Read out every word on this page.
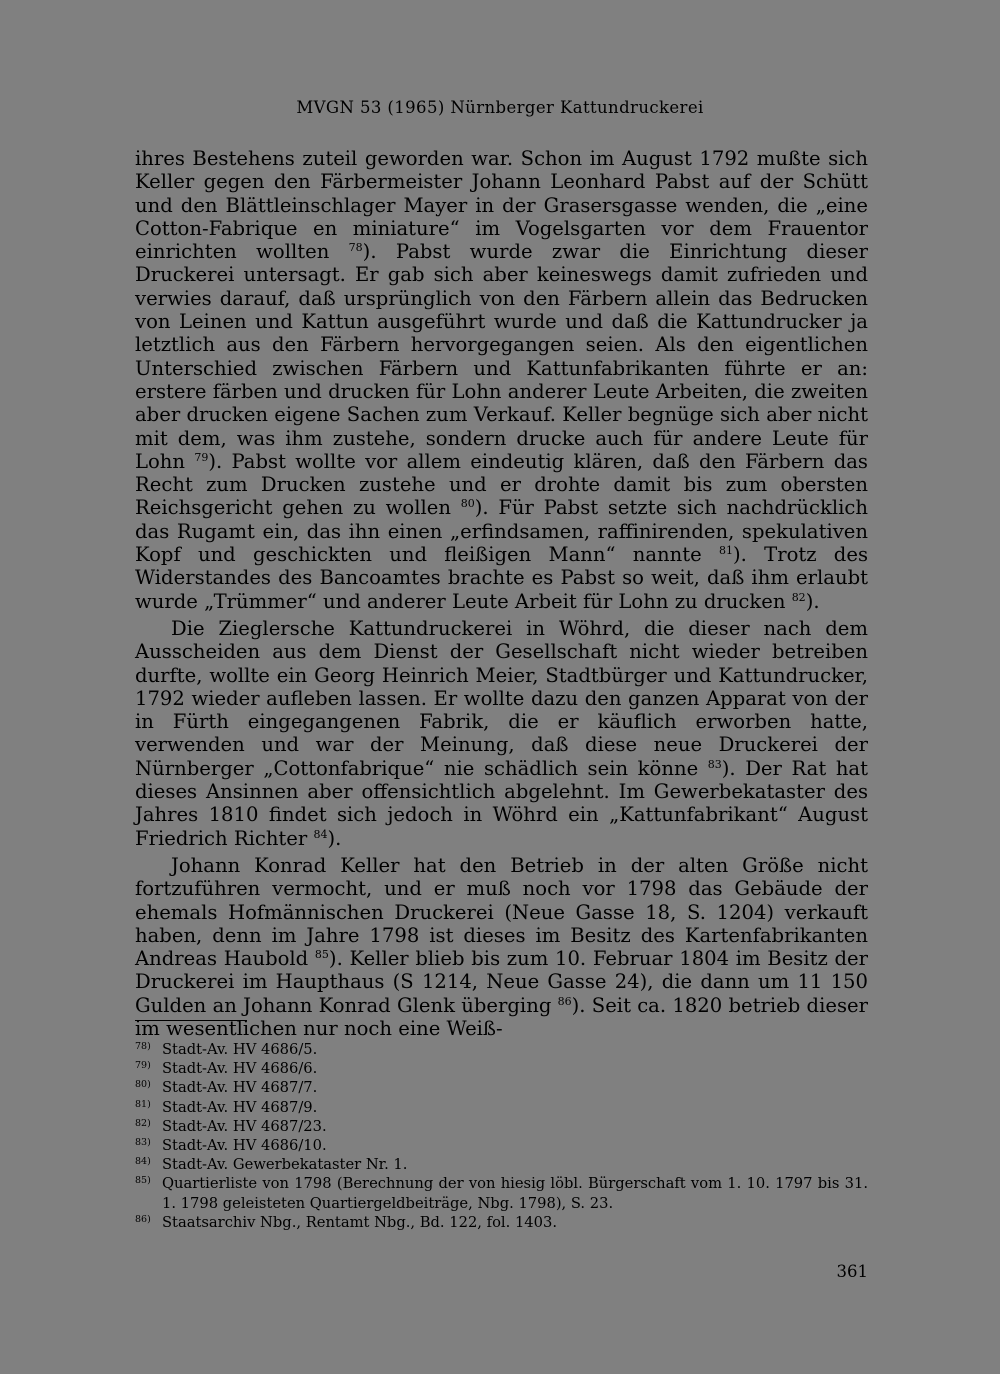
MVGN 53 (1965) Nürnberger Kattundruckerei

ihres Bestehens zuteil geworden war. Schon im August 1792 mußte sich Keller gegen den Färbermeister Johann Leonhard Pabst auf der Schütt und den Blättleinschlager Mayer in der Grasersgasse wenden, die „eine Cotton-Fabrique en miniature“ im Vogelsgarten vor dem Frauentor einrichten wollten $^{78}$). Pabst wurde zwar die Einrichtung dieser Druckerei untersagt. Er gab sich aber keineswegs damit zufrieden und verwies darauf, daß ursprünglich von den Färbern allein das Bedrucken von Leinen und Kattun ausgeführt wurde und daß die Kattundrucker ja letztlich aus den Färbern hervorgegangen seien. Als den eigentlichen Unterschied zwischen Färbern und Kattunfabrikanten führte er an: erstere färben und drucken für Lohn anderer Leute Arbeiten, die zweiten aber drucken eigene Sachen zum Verkauf. Keller begnüge sich aber nicht mit dem, was ihm zustehe, sondern drucke auch für andere Leute für Lohn $^{79}$). Pabst wollte vor allem eindeutig klären, daß den Färbern das Recht zum Drucken zustehe und er drohte damit bis zum obersten Reichsgericht gehen zu wollen $^{80}$). Für Pabst setzte sich nachdrücklich das Rugamt ein, das ihn einen „erfindsamen, raffinirenden, spekulativen Kopf und geschickten und fleißigen Mann“ nannte $^{81}$). Trotz des Widerstandes des Bancoamtes brachte es Pabst so weit, daß ihm erlaubt wurde „Trümmer“ und anderer Leute Arbeit für Lohn zu drucken $^{82}$).

Die Zieglersche Kattundruckerei in Wöhrd, die dieser nach dem Ausscheiden aus dem Dienst der Gesellschaft nicht wieder betreiben durfte, wollte ein Georg Heinrich Meier, Stadtbürger und Kattundrucker, 1792 wieder aufleben lassen. Er wollte dazu den ganzen Apparat von der in Fürth eingegangenen Fabrik, die er käuflich erworben hatte, verwenden und war der Meinung, daß diese neue Druckerei der Nürnberger „Cottonfabrique“ nie schädlich sein könne $^{83}$). Der Rat hat dieses Ansinnen aber offensichtlich abgelehnt. Im Gewerbekataster des Jahres 1810 findet sich jedoch in Wöhrd ein „Kattunfabrikant“ August Friedrich Richter $^{84}$).

Johann Konrad Keller hat den Betrieb in der alten Größe nicht fortzuführen vermocht, und er muß noch vor 1798 das Gebäude der ehemals Hofmännischen Druckerei (Neue Gasse 18, S. 1204) verkauft haben, denn im Jahre 1798 ist dieses im Besitz des Kartenfabrikanten Andreas Haubold $^{85}$). Keller blieb bis zum 10. Februar 1804 im Besitz der Druckerei im Haupthaus (S 1214, Neue Gasse 24), die dann um 11 150 Gulden an Johann Konrad Glenk überging $^{86}$). Seit ca. 1820 betrieb dieser im wesentlichen nur noch eine Weiß-

78) Stadt-Av. HV 4686/5.
79) Stadt-Av. HV 4686/6.
80) Stadt-Av. HV 4687/7.
81) Stadt-Av. HV 4687/9.
82) Stadt-Av. HV 4687/23.
83) Stadt-Av. HV 4686/10.
84) Stadt-Av. Gewerbekataster Nr. 1.
85) Quartierliste von 1798 (Berechnung der von hiesig löbl. Bürgerschaft vom 1. 10. 1797 bis 31. 1. 1798 geleisteten Quartiergeldbeiträge, Nbg. 1798), S. 23.
86) Staatsarchiv Nbg., Rentamt Nbg., Bd. 122, fol. 1403.
361
